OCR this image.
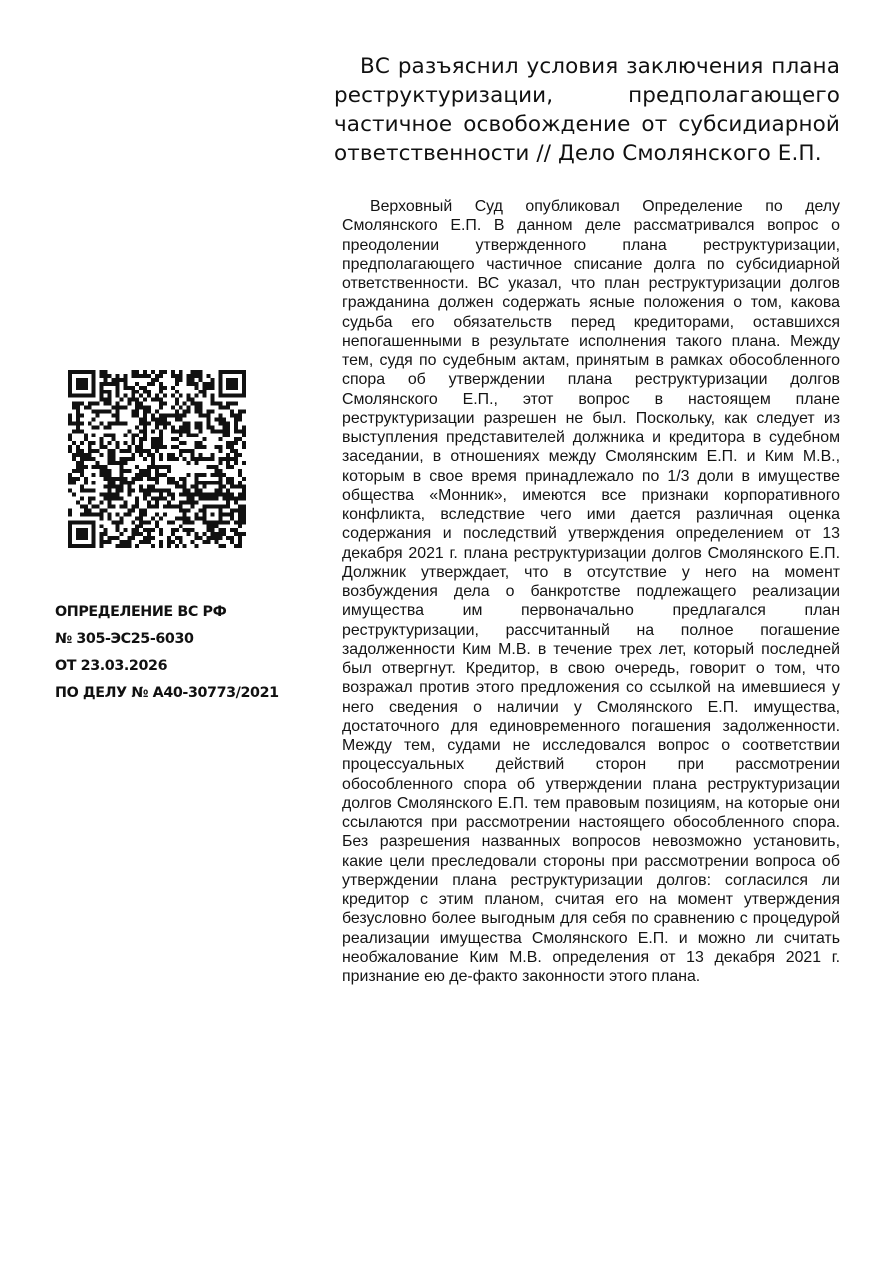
ВС разъяснил условия заключения плана реструктуризации, предполагающего частичное освобождение от субсидиарной ответственности // Дело Смолянского Е.П.
ОПРЕДЕЛЕНИЕ ВС РФ
№ 305-ЭС25-6030
ОТ 23.03.2026
ПО ДЕЛУ № А40-30773/2021

Верховный Суд опубликовал Определение по делу Смолянского Е.П. В данном деле рассматривался вопрос о преодолении утвержденного плана реструктуризации, предполагающего частичное списание долга по субсидиарной ответственности. ВС указал, что план реструктуризации долгов гражданина должен содержать ясные положения о том, какова судьба его обязательств перед кредиторами, оставшихся непогашенными в результате исполнения такого плана. Между тем, судя по судебным актам, принятым в рамках обособленного спора об утверждении плана реструктуризации долгов Смолянского Е.П., этот вопрос в настоящем плане реструктуризации разрешен не был. Поскольку, как следует из выступления представителей должника и кредитора в судебном заседании, в отношениях между Смолянским Е.П. и Ким М.В., которым в свое время принадлежало по 1/3 доли в имуществе общества «Монник», имеются все признаки корпоративного конфликта, вследствие чего ими дается различная оценка содержания и последствий утверждения определением от 13 декабря 2021 г. плана реструктуризации долгов Смолянского Е.П. Должник утверждает, что в отсутствие у него на момент возбуждения дела о банкротстве подлежащего реализации имущества им первоначально предлагался план реструктуризации, рассчитанный на полное погашение задолженности Ким М.В. в течение трех лет, который последней был отвергнут. Кредитор, в свою очередь, говорит о том, что возражал против этого предложения со ссылкой на имевшиеся у него сведения о наличии у Смолянского Е.П. имущества, достаточного для единовременного погашения задолженности. Между тем, судами не исследовался вопрос о соответствии процессуальных действий сторон при рассмотрении обособленного спора об утверждении плана реструктуризации долгов Смолянского Е.П. тем правовым позициям, на которые они ссылаются при рассмотрении настоящего обособленного спора. Без разрешения названных вопросов невозможно установить, какие цели преследовали стороны при рассмотрении вопроса об утверждении плана реструктуризации долгов: согласился ли кредитор с этим планом, считая его на момент утверждения безусловно более выгодным для себя по сравнению с процедурой реализации имущества Смолянского Е.П. и можно ли считать необжалование Ким М.В. определения от 13 декабря 2021 г. признание ею де-факто законности этого плана.
